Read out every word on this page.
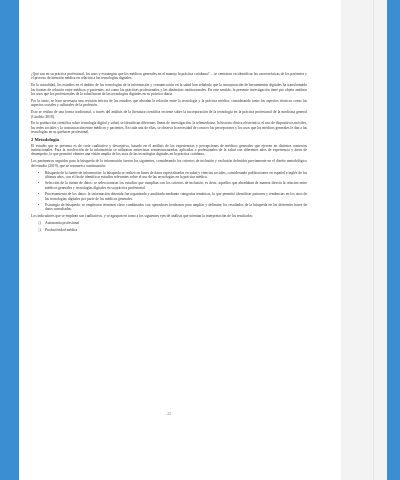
¿Qué son en su práctica profesional, los usos y estrategias que los médicos generales en el manejo la práctica cotidiana? ... se centraron en identificar las características de los pacientes y el proceso de atención médica en relación a las tecnologías digitales.

En la actualidad, los estudios en el ámbito de las tecnologías de la información y comunicación en la salud han señalado que la incorporación de herramientas digitales ha transformado las formas de relación entre médicos y pacientes, así como las prácticas profesionales y las dinámicas institucionales. En este sentido, la presente investigación tiene por objeto analizar los usos que los profesionales de la salud hacen de las tecnologías digitales en su práctica diaria.

Por lo tanto, se hace necesaria una revisión teórica de los estudios que abordan la relación entre la tecnología y la práctica médica, considerando tanto los aspectos técnicos como los aspectos sociales y culturales de la profesión.

Esto se realiza de una forma tradicional, a través del análisis de la literatura científica reciente sobre la incorporación de la tecnología en la práctica profesional de la medicina general (Giraldo, 2018).

En la producción científica sobre tecnología digital y salud, se identifican diferentes líneas de investigación: la telemedicina, la historia clínica electrónica, el uso de dispositivos móviles, las redes sociales y la comunicación entre médicos y pacientes. En cada una de ellas, se observa la necesidad de conocer las percepciones y los usos que los médicos generales le dan a las tecnologías en su quehacer profesional.

2 Metodología

El estudio que se presenta es de corte cualitativo y descriptivo, basado en el análisis de las experiencias y percepciones de médicos generales que ejercen en distintos contextos institucionales. Para la recolección de la información se utilizaron entrevistas semiestructuradas, aplicadas a profesionales de la salud con diferentes años de experiencia y áreas de desempeño, lo que permitió obtener una visión amplia de los usos de las tecnologías digitales en la práctica cotidiana.

Los parámetros seguidos para la búsqueda de la información fueron los siguientes, considerando los criterios de inclusión y exclusión definidos previamente en el diseño metodológico del estudio (2019), que se resumen a continuación:

• Búsqueda de la fuente de información: la búsqueda se realizó en bases de datos especializadas en salud y ciencias sociales, considerando publicaciones en español e inglés de los últimos años, con el fin de identificar estudios relevantes sobre el uso de las tecnologías en la práctica médica.
• Selección de la fuente de datos: se seleccionaron los estudios que cumplían con los criterios de inclusión, es decir, aquellos que abordaban de manera directa la relación entre médicos generales y tecnologías digitales en su práctica profesional.
• Procesamiento de los datos: la información obtenida fue organizada y analizada mediante categorías temáticas, lo que permitió identificar patrones y tendencias en los usos de las tecnologías digitales por parte de los médicos generales.
• Estrategia de búsqueda: se emplearon términos clave combinados con operadores booleanos para ampliar y delimitar los resultados de la búsqueda en las diferentes bases de datos consultadas.

Los indicadores que se emplean son cualitativos, y se agrupan en torno a los siguientes ejes de análisis que orientan la interpretación de los resultados:

❏ Autonomía profesional
❏ Productividad médica
22
